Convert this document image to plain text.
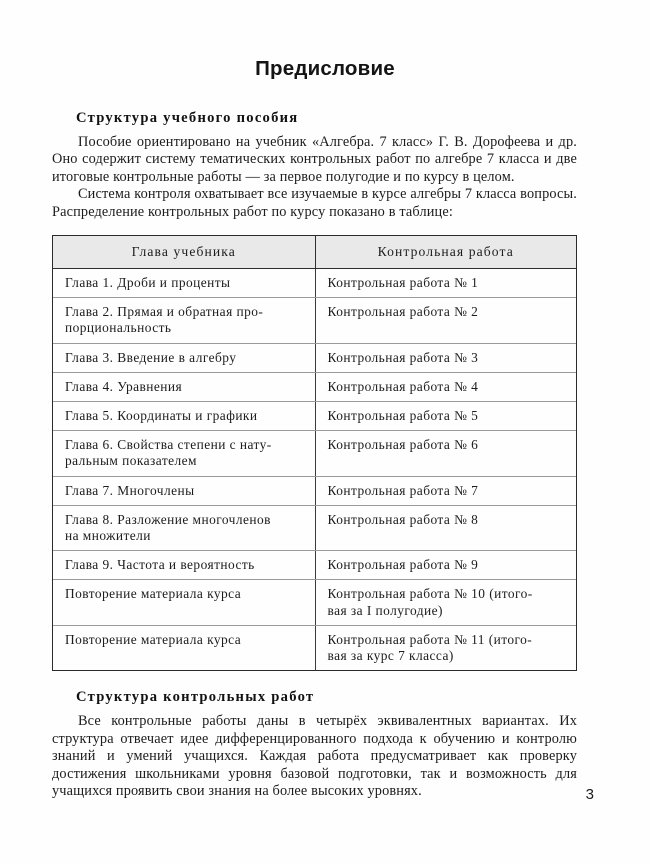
Предисловие
Структура учебного пособия

Пособие ориентировано на учебник «Алгебра. 7 класс» Г. В. Дорофеева и др. Оно содержит систему тематических контрольных работ по алгебре 7 класса и две итоговые контрольные работы — за первое полугодие и по курсу в целом.

Система контроля охватывает все изучаемые в курсе алгебры 7 класса вопросы. Распределение контрольных работ по курсу показано в таблице:

Глава учебника	Контрольная работа
Глава 1. Дроби и проценты	Контрольная работа № 1
Глава 2. Прямая и обратная про-
порциональность	Контрольная работа № 2
Глава 3. Введение в алгебру	Контрольная работа № 3
Глава 4. Уравнения	Контрольная работа № 4
Глава 5. Координаты и графики	Контрольная работа № 5
Глава 6. Свойства степени с нату-
ральным показателем	Контрольная работа № 6
Глава 7. Многочлены	Контрольная работа № 7
Глава 8. Разложение многочленов
на множители	Контрольная работа № 8
Глава 9. Частота и вероятность	Контрольная работа № 9
Повторение материала курса	Контрольная работа № 10 (итого-
вая за I полугодие)

Повторение материала курса	Контрольная работа № 11 (итого-
вая за курс 7 класса)
Структура контрольных работ

Все контрольные работы даны в четырёх эквивалентных вариантах. Их структура отвечает идее дифференцированного подхода к обучению и контролю знаний и умений учащихся. Каждая работа предусматривает как проверку достижения школьниками уровня базовой подготовки, так и возможность для учащихся проявить свои знания на более высоких уровнях.	3
